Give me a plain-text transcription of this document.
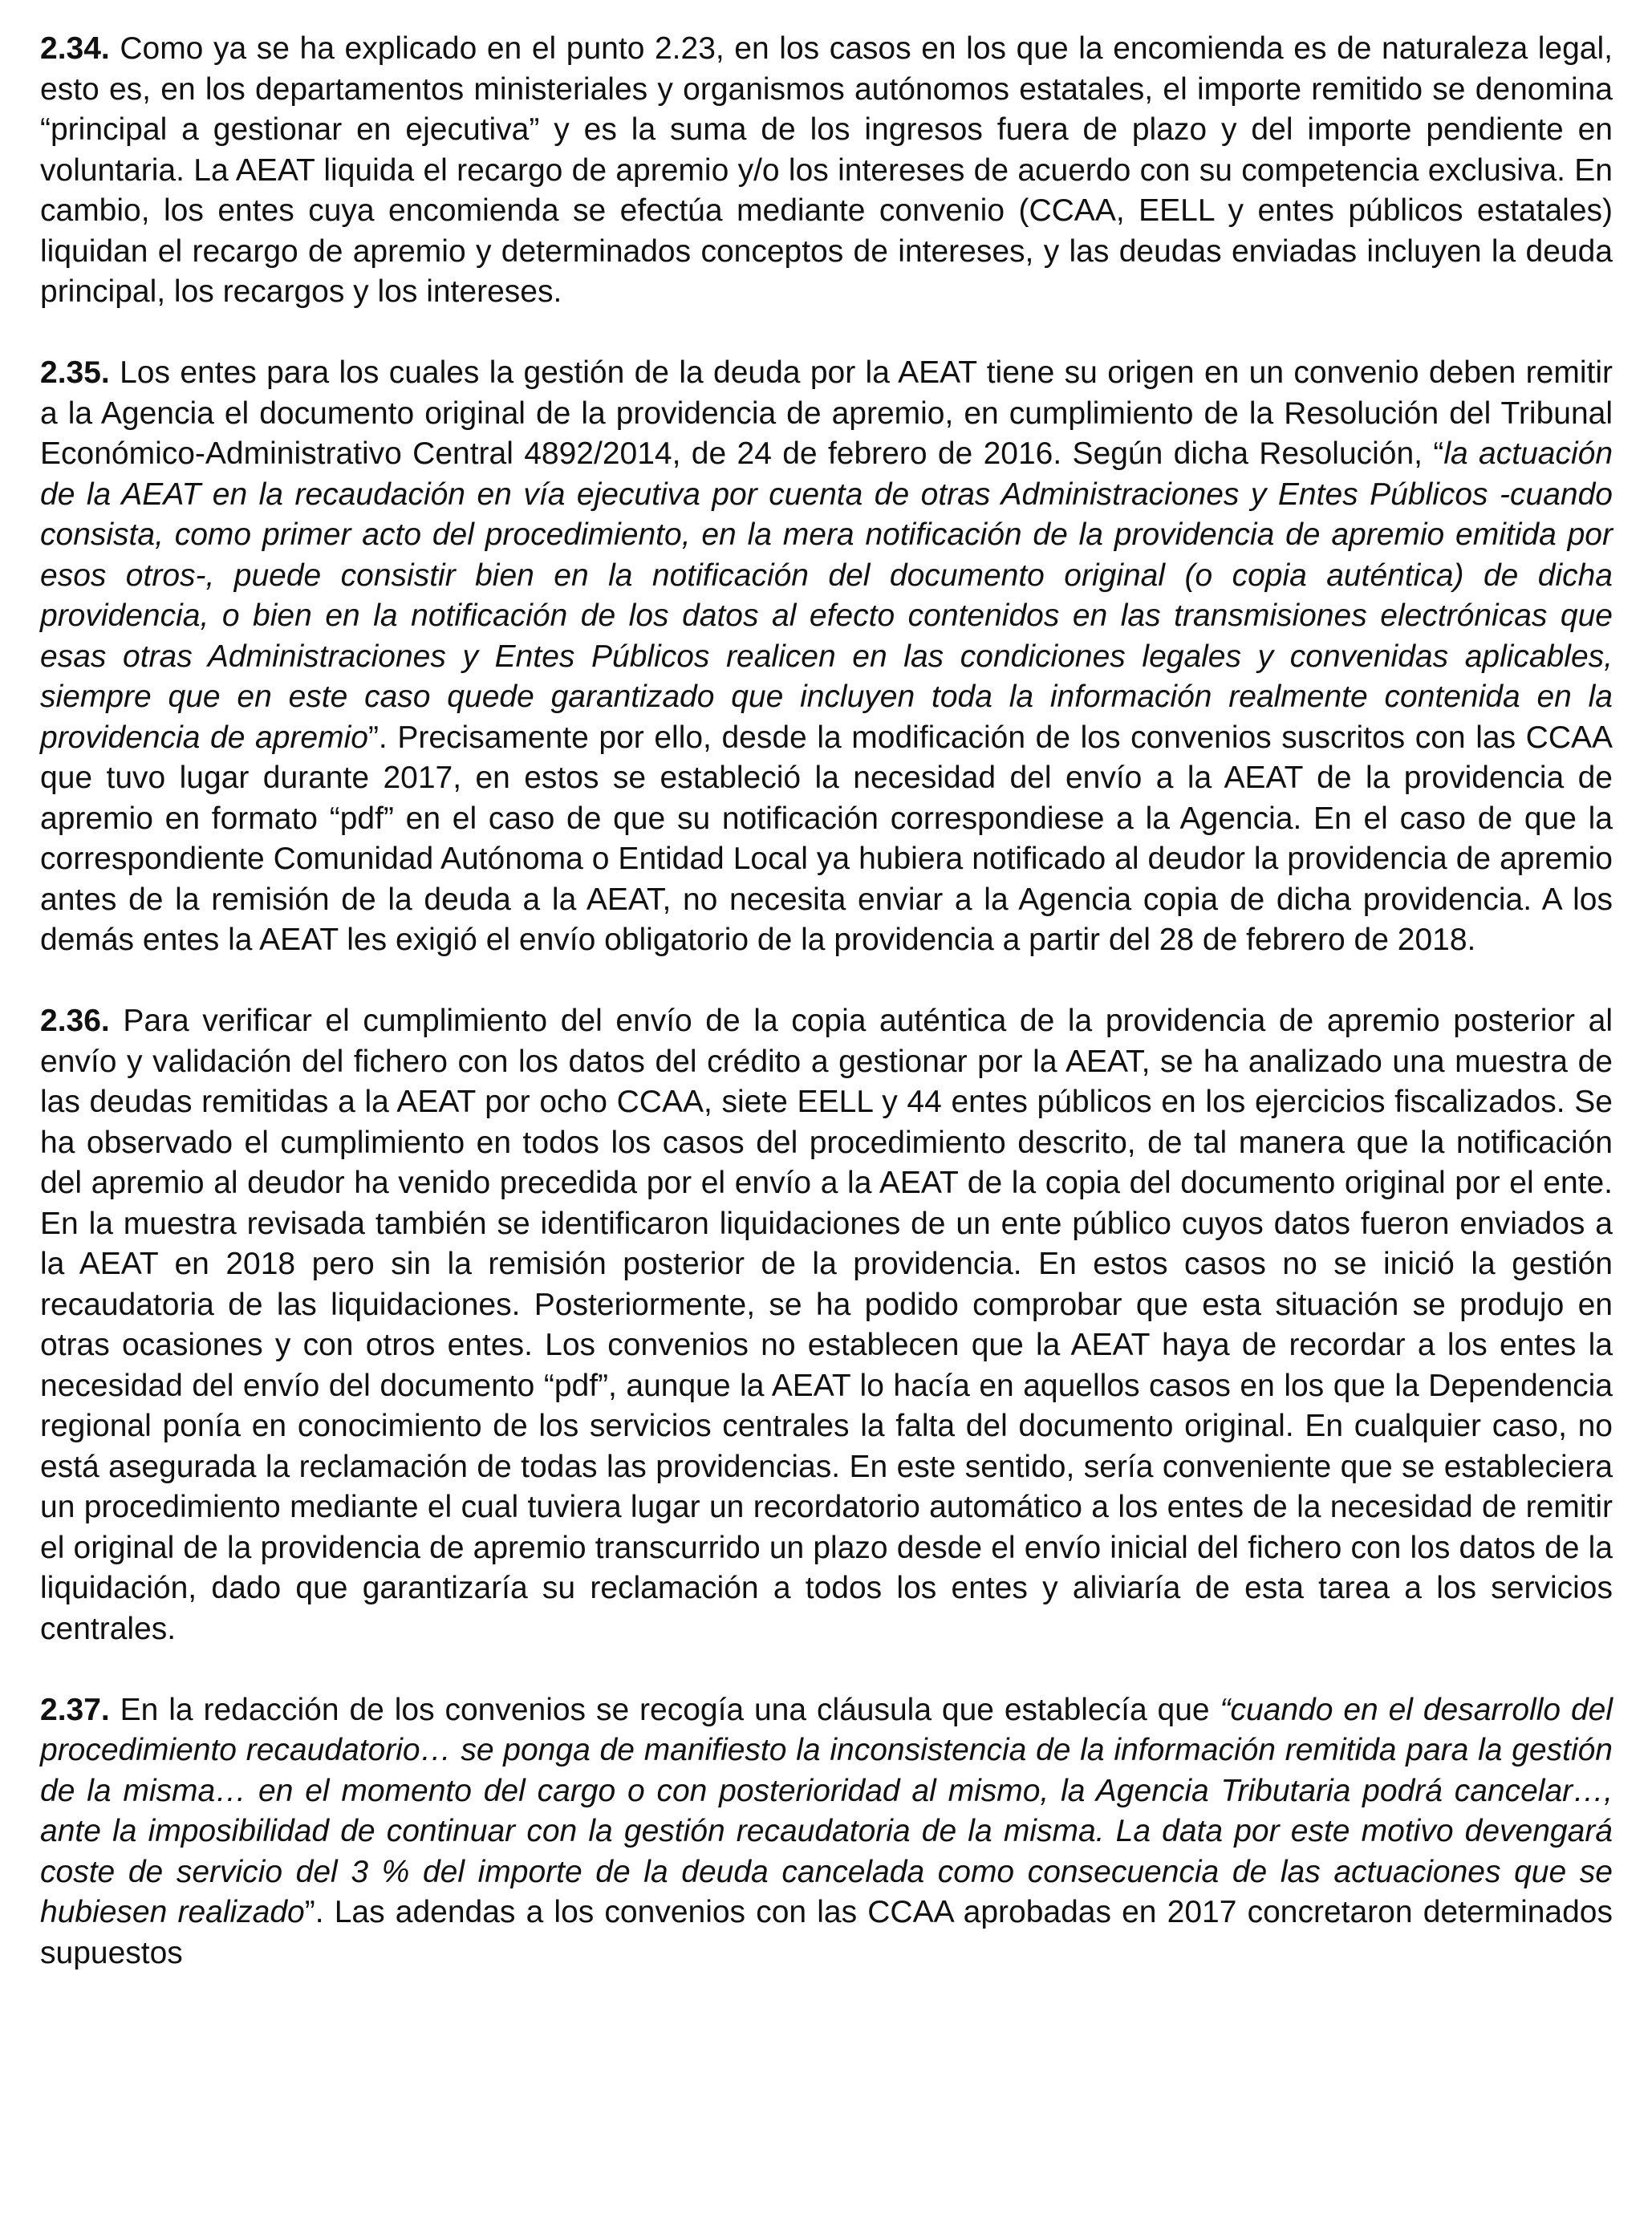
2.34. Como ya se ha explicado en el punto 2.23, en los casos en los que la encomienda es de naturaleza legal, esto es, en los departamentos ministeriales y organismos autónomos estatales, el importe remitido se denomina “principal a gestionar en ejecutiva” y es la suma de los ingresos fuera de plazo y del importe pendiente en voluntaria. La AEAT liquida el recargo de apremio y/o los intereses de acuerdo con su competencia exclusiva. En cambio, los entes cuya encomienda se efectúa mediante convenio (CCAA, EELL y entes públicos estatales) liquidan el recargo de apremio y determinados conceptos de intereses, y las deudas enviadas incluyen la deuda principal, los recargos y los intereses.

2.35. Los entes para los cuales la gestión de la deuda por la AEAT tiene su origen en un convenio deben remitir a la Agencia el documento original de la providencia de apremio, en cumplimiento de la Resolución del Tribunal Económico-Administrativo Central 4892/2014, de 24 de febrero de 2016. Según dicha Resolución, “la actuación de la AEAT en la recaudación en vía ejecutiva por cuenta de otras Administraciones y Entes Públicos -cuando consista, como primer acto del procedimiento, en la mera notificación de la providencia de apremio emitida por esos otros-, puede consistir bien en la notificación del documento original (o copia auténtica) de dicha providencia, o bien en la notificación de los datos al efecto contenidos en las transmisiones electrónicas que esas otras Administraciones y Entes Públicos realicen en las condiciones legales y convenidas aplicables, siempre que en este caso quede garantizado que incluyen toda la información realmente contenida en la providencia de apremio”. Precisamente por ello, desde la modificación de los convenios suscritos con las CCAA que tuvo lugar durante 2017, en estos se estableció la necesidad del envío a la AEAT de la providencia de apremio en formato “pdf” en el caso de que su notificación correspondiese a la Agencia. En el caso de que la correspondiente Comunidad Autónoma o Entidad Local ya hubiera notificado al deudor la providencia de apremio antes de la remisión de la deuda a la AEAT, no necesita enviar a la Agencia copia de dicha providencia. A los demás entes la AEAT les exigió el envío obligatorio de la providencia a partir del 28 de febrero de 2018.

2.36. Para verificar el cumplimiento del envío de la copia auténtica de la providencia de apremio posterior al envío y validación del fichero con los datos del crédito a gestionar por la AEAT, se ha analizado una muestra de las deudas remitidas a la AEAT por ocho CCAA, siete EELL y 44 entes públicos en los ejercicios fiscalizados. Se ha observado el cumplimiento en todos los casos del procedimiento descrito, de tal manera que la notificación del apremio al deudor ha venido precedida por el envío a la AEAT de la copia del documento original por el ente. En la muestra revisada también se identificaron liquidaciones de un ente público cuyos datos fueron enviados a la AEAT en 2018 pero sin la remisión posterior de la providencia. En estos casos no se inició la gestión recaudatoria de las liquidaciones. Posteriormente, se ha podido comprobar que esta situación se produjo en otras ocasiones y con otros entes. Los convenios no establecen que la AEAT haya de recordar a los entes la necesidad del envío del documento “pdf”, aunque la AEAT lo hacía en aquellos casos en los que la Dependencia regional ponía en conocimiento de los servicios centrales la falta del documento original. En cualquier caso, no está asegurada la reclamación de todas las providencias. En este sentido, sería conveniente que se estableciera un procedimiento mediante el cual tuviera lugar un recordatorio automático a los entes de la necesidad de remitir el original de la providencia de apremio transcurrido un plazo desde el envío inicial del fichero con los datos de la liquidación, dado que garantizaría su reclamación a todos los entes y aliviaría de esta tarea a los servicios centrales.

2.37. En la redacción de los convenios se recogía una cláusula que establecía que “cuando en el desarrollo del procedimiento recaudatorio… se ponga de manifiesto la inconsistencia de la información remitida para la gestión de la misma… en el momento del cargo o con posterioridad al mismo, la Agencia Tributaria podrá cancelar…, ante la imposibilidad de continuar con la gestión recaudatoria de la misma. La data por este motivo devengará coste de servicio del 3 % del importe de la deuda cancelada como consecuencia de las actuaciones que se hubiesen realizado”. Las adendas a los convenios con las CCAA aprobadas en 2017 concretaron determinados supuestos
